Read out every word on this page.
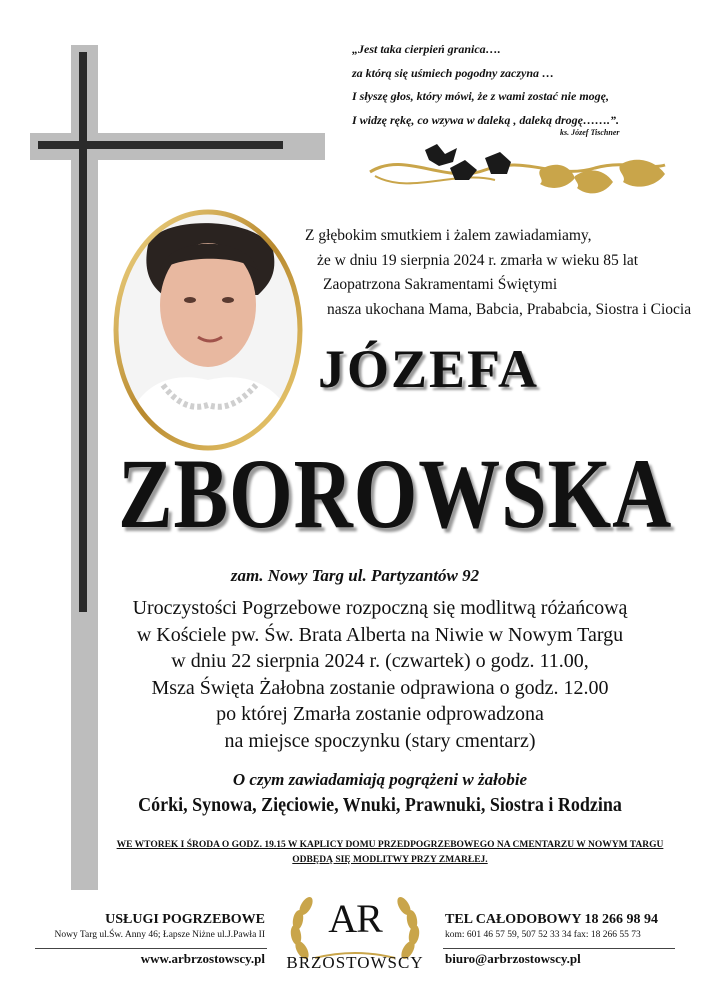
„Jest taka cierpień granica….
za którą się uśmiech pogodny zaczyna …
I słyszę głos, który mówi, że z wami zostać nie mogę,
I widzę rękę, co wzywa w daleką , daleką drogę…….”.
ks. Józef Tischner
Z głębokim smutkiem i żalem zawiadamiamy,
że w dniu 19 sierpnia 2024 r. zmarła w wieku 85 lat
Zaopatrzona Sakramentami Świętymi
nasza ukochana Mama, Babcia, Prababcia, Siostra i Ciocia
JÓZEFA
ZBOROWSKA
zam. Nowy Targ ul. Partyzantów 92
Uroczystości Pogrzebowe rozpoczną się modlitwą różańcową
w Kościele pw. Św. Brata Alberta na Niwie w Nowym Targu
w dniu 22 sierpnia 2024 r. (czwartek) o godz. 11.00,
Msza Święta Żałobna zostanie odprawiona o godz. 12.00
po której Zmarła zostanie odprowadzona
na miejsce spoczynku (stary cmentarz)
O czym zawiadamiają pogrążeni w żałobie
Córki, Synowa, Zięciowie, Wnuki, Prawnuki, Siostra i Rodzina
WE WTOREK I ŚRODA O GODZ. 19.15 W KAPLICY DOMU PRZEDPOGRZEBOWEGO NA CMENTARZU W NOWYM TARGU
ODBĘDĄ SIĘ MODLITWY PRZY ZMARŁEJ.
USŁUGI POGRZEBOWE
Nowy Targ ul.Św. Anny 46; Łapsze Niżne ul.J.Pawła II
www.arbrzostowscy.pl
AR
BRZOSTOWSCY
TEL CAŁODOBOWY 18 266 98 94
kom: 601 46 57 59, 507 52 33 34 fax: 18 266 55 73
biuro@arbrzostowscy.pl
